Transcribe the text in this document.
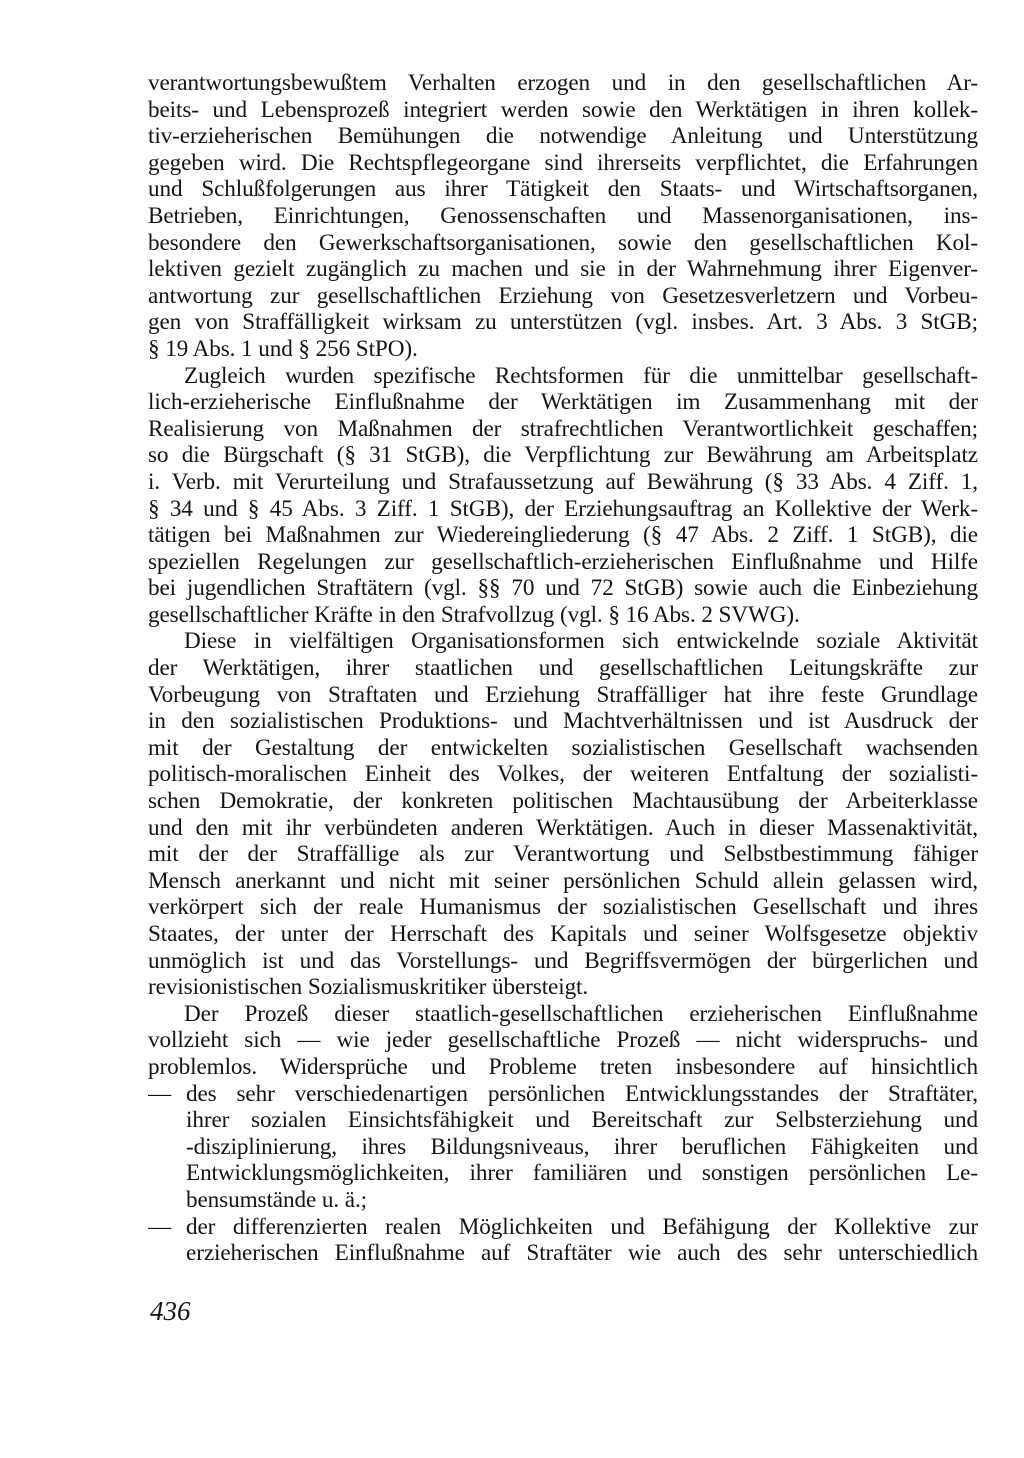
verantwortungsbewußtem Verhalten erzogen und in den gesellschaftlichen Ar-
beits- und Lebensprozeß integriert werden sowie den Werktätigen in ihren kollek-
tiv-erzieherischen Bemühungen die notwendige Anleitung und Unterstützung
gegeben wird. Die Rechtspflegeorgane sind ihrerseits verpflichtet, die Erfahrungen
und Schlußfolgerungen aus ihrer Tätigkeit den Staats- und Wirtschaftsorganen,
Betrieben, Einrichtungen, Genossenschaften und Massenorganisationen, ins-
besondere den Gewerkschaftsorganisationen, sowie den gesellschaftlichen Kol-
lektiven gezielt zugänglich zu machen und sie in der Wahrnehmung ihrer Eigenver-
antwortung zur gesellschaftlichen Erziehung von Gesetzesverletzern und Vorbeu-
gen von Straffälligkeit wirksam zu unterstützen (vgl. insbes. Art. 3 Abs. 3 StGB;
§ 19 Abs. 1 und § 256 StPO).
Zugleich wurden spezifische Rechtsformen für die unmittelbar gesellschaft-
lich-erzieherische Einflußnahme der Werktätigen im Zusammenhang mit der
Realisierung von Maßnahmen der strafrechtlichen Verantwortlichkeit geschaffen;
so die Bürgschaft (§ 31 StGB), die Verpflichtung zur Bewährung am Arbeitsplatz
i. Verb. mit Verurteilung und Strafaussetzung auf Bewährung (§ 33 Abs. 4 Ziff. 1,
§ 34 und § 45 Abs. 3 Ziff. 1 StGB), der Erziehungsauftrag an Kollektive der Werk-
tätigen bei Maßnahmen zur Wiedereingliederung (§ 47 Abs. 2 Ziff. 1 StGB), die
speziellen Regelungen zur gesellschaftlich-erzieherischen Einflußnahme und Hilfe
bei jugendlichen Straftätern (vgl. §§ 70 und 72 StGB) sowie auch die Einbeziehung
gesellschaftlicher Kräfte in den Strafvollzug (vgl. § 16 Abs. 2 SVWG).
Diese in vielfältigen Organisationsformen sich entwickelnde soziale Aktivität
der Werktätigen, ihrer staatlichen und gesellschaftlichen Leitungskräfte zur
Vorbeugung von Straftaten und Erziehung Straffälliger hat ihre feste Grundlage
in den sozialistischen Produktions- und Machtverhältnissen und ist Ausdruck der
mit der Gestaltung der entwickelten sozialistischen Gesellschaft wachsenden
politisch-moralischen Einheit des Volkes, der weiteren Entfaltung der sozialisti-
schen Demokratie, der konkreten politischen Machtausübung der Arbeiterklasse
und den mit ihr verbündeten anderen Werktätigen. Auch in dieser Massenaktivität,
mit der der Straffällige als zur Verantwortung und Selbstbestimmung fähiger
Mensch anerkannt und nicht mit seiner persönlichen Schuld allein gelassen wird,
verkörpert sich der reale Humanismus der sozialistischen Gesellschaft und ihres
Staates, der unter der Herrschaft des Kapitals und seiner Wolfsgesetze objektiv
unmöglich ist und das Vorstellungs- und Begriffsvermögen der bürgerlichen und
revisionistischen Sozialismuskritiker übersteigt.
Der Prozeß dieser staatlich-gesellschaftlichen erzieherischen Einflußnahme
vollzieht sich — wie jeder gesellschaftliche Prozeß — nicht widerspruchs- und
problemlos. Widersprüche und Probleme treten insbesondere auf hinsichtlich
— des sehr verschiedenartigen persönlichen Entwicklungsstandes der Straftäter,
ihrer sozialen Einsichtsfähigkeit und Bereitschaft zur Selbsterziehung und
-disziplinierung, ihres Bildungsniveaus, ihrer beruflichen Fähigkeiten und
Entwicklungsmöglichkeiten, ihrer familiären und sonstigen persönlichen Le-
bensumstände u. ä.;
— der differenzierten realen Möglichkeiten und Befähigung der Kollektive zur
erzieherischen Einflußnahme auf Straftäter wie auch des sehr unterschiedlich
436
